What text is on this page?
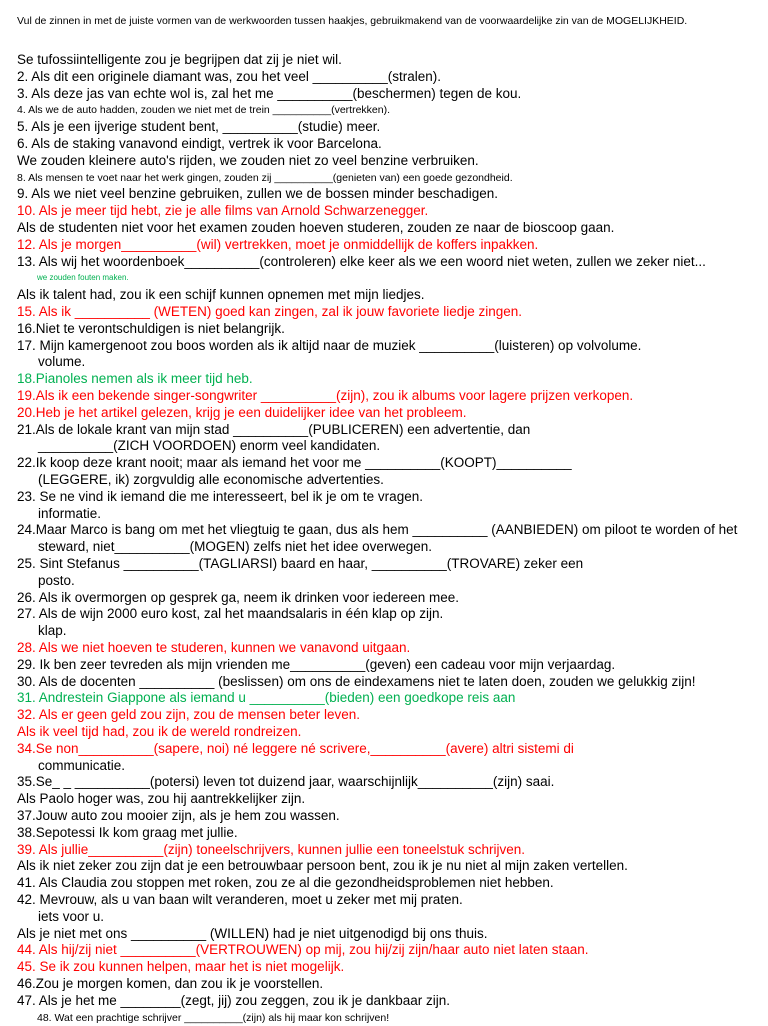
Vul de zinnen in met de juiste vormen van de werkwoorden tussen haakjes, gebruikmakend van de voorwaardelijke zin van de MOGELIJKHEID.
Se tufossiintelligente zou je begrijpen dat zij je niet wil.
2. Als dit een originele diamant was, zou het veel __________(stralen).
3. Als deze jas van echte wol is, zal het me __________(beschermen) tegen de kou.
4. Als we de auto hadden, zouden we niet met de trein __________(vertrekken).
5. Als je een ijverige student bent, __________(studie) meer.
6. Als de staking vanavond eindigt, vertrek ik voor Barcelona.
We zouden kleinere auto's rijden, we zouden niet zo veel benzine verbruiken.
8. Als mensen te voet naar het werk gingen, zouden zij __________(genieten van) een goede gezondheid.
9. Als we niet veel benzine gebruiken, zullen we de bossen minder beschadigen.
10. Als je meer tijd hebt, zie je alle films van Arnold Schwarzenegger.
Als de studenten niet voor het examen zouden hoeven studeren, zouden ze naar de bioscoop gaan.
12. Als je morgen__________(wil) vertrekken, moet je onmiddellijk de koffers inpakken.
13. Als wij het woordenboek__________(controleren) elke keer als we een woord niet weten, zullen we zeker niet...
we zouden fouten maken.
Als ik talent had, zou ik een schijf kunnen opnemen met mijn liedjes.
15. Als ik __________ (WETEN) goed kan zingen, zal ik jouw favoriete liedje zingen.
16.Niet te verontschuldigen is niet belangrijk.
17. Mijn kamergenoot zou boos worden als ik altijd naar de muziek __________(luisteren) op volvolume.
volume.
18.Pianoles nemen als ik meer tijd heb.
19.Als ik een bekende singer-songwriter __________(zijn), zou ik albums voor lagere prijzen verkopen.
20.Heb je het artikel gelezen, krijg je een duidelijker idee van het probleem.
21.Als de lokale krant van mijn stad __________(PUBLICEREN) een advertentie, dan
__________(ZICH VOORDOEN) enorm veel kandidaten.
22.Ik koop deze krant nooit; maar als iemand het voor me __________(KOOPT)__________
(LEGGERE, ik) zorgvuldig alle economische advertenties.
23. Se ne vind ik iemand die me interesseert, bel ik je om te vragen.
informatie.
24.Maar Marco is bang om met het vliegtuig te gaan, dus als hem __________ (AANBIEDEN) om piloot te worden of het
steward, niet__________(MOGEN) zelfs niet het idee overwegen.
25. Sint Stefanus __________(TAGLIARSI) baard en haar, __________(TROVARE) zeker een
posto.
26. Als ik overmorgen op gesprek ga, neem ik drinken voor iedereen mee.
27. Als de wijn 2000 euro kost, zal het maandsalaris in één klap op zijn.
klap.
28. Als we niet hoeven te studeren, kunnen we vanavond uitgaan.
29. Ik ben zeer tevreden als mijn vrienden me__________(geven) een cadeau voor mijn verjaardag.
30. Als de docenten __________ (beslissen) om ons de eindexamens niet te laten doen, zouden we gelukkig zijn!
31. Andrestein Giappone als iemand u __________(bieden) een goedkope reis aan
32. Als er geen geld zou zijn, zou de mensen beter leven.
Als ik veel tijd had, zou ik de wereld rondreizen.
34.Se non__________(sapere, noi) né leggere né scrivere,__________(avere) altri sistemi di
communicatie.
35.Se_ _ __________(potersi) leven tot duizend jaar, waarschijnlijk__________(zijn) saai.
Als Paolo hoger was, zou hij aantrekkelijker zijn.
37.Jouw auto zou mooier zijn, als je hem zou wassen.
38.Sepotessi Ik kom graag met jullie.
39. Als jullie__________(zijn) toneelschrijvers, kunnen jullie een toneelstuk schrijven.
Als ik niet zeker zou zijn dat je een betrouwbaar persoon bent, zou ik je nu niet al mijn zaken vertellen.
41. Als Claudia zou stoppen met roken, zou ze al die gezondheidsproblemen niet hebben.
42. Mevrouw, als u van baan wilt veranderen, moet u zeker met mij praten.
iets voor u.
Als je niet met ons __________ (WILLEN) had je niet uitgenodigd bij ons thuis.
44. Als hij/zij niet __________(VERTROUWEN) op mij, zou hij/zij zijn/haar auto niet laten staan.
45. Se ik zou kunnen helpen, maar het is niet mogelijk.
46.Zou je morgen komen, dan zou ik je voorstellen.
47. Als je het me ________(zegt, jij) zou zeggen, zou ik je dankbaar zijn.
48. Wat een prachtige schrijver __________(zijn) als hij maar kon schrijven!
